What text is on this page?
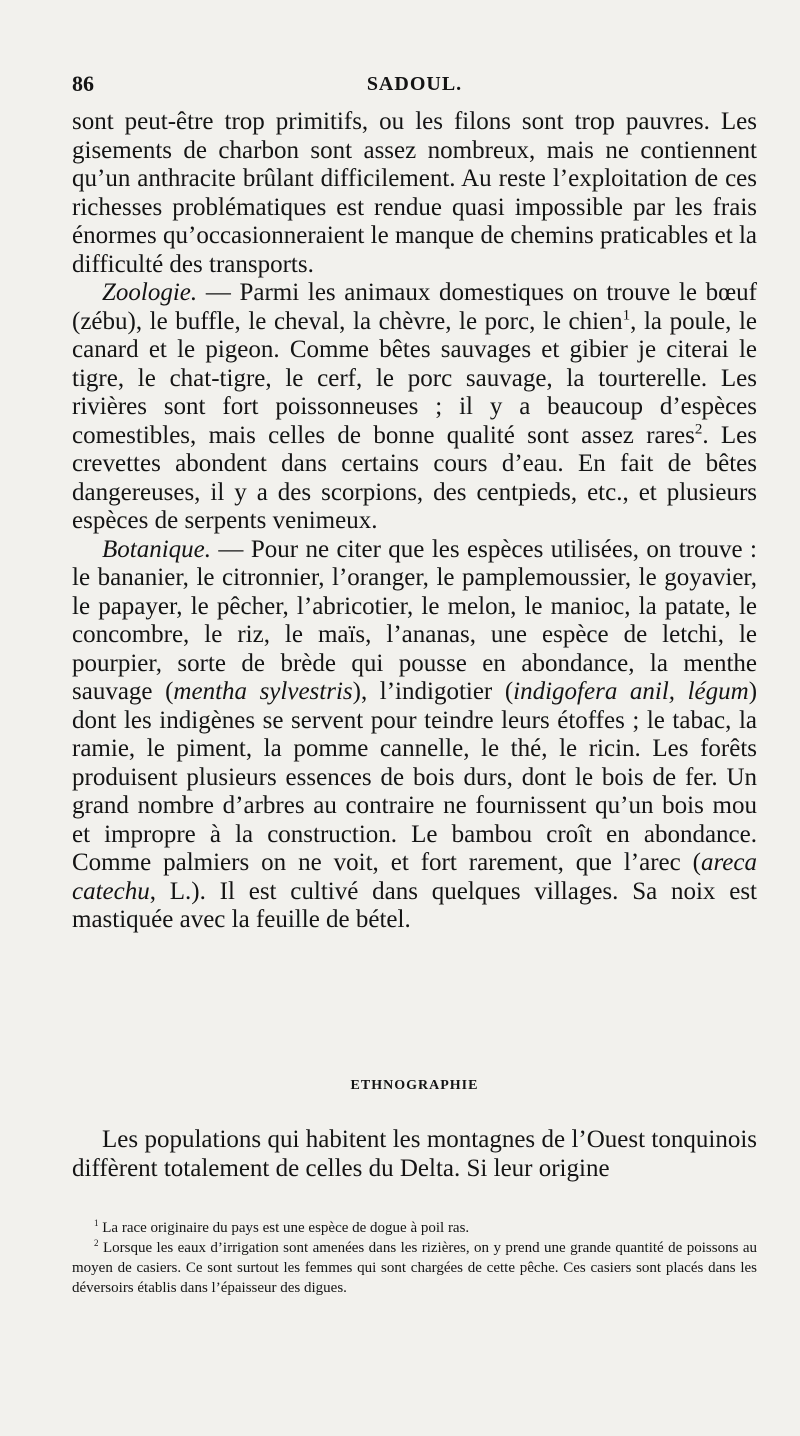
86	SADOUL.

sont peut-être trop primitifs, ou les filons sont trop pauvres. Les gisements de charbon sont assez nombreux, mais ne contiennent qu’un anthracite brûlant difficilement. Au reste l’exploitation de ces richesses problématiques est rendue quasi impossible par les frais énormes qu’occasionneraient le manque de chemins praticables et la difficulté des transports.

Zoologie. — Parmi les animaux domestiques on trouve le bœuf (zébu), le buffle, le cheval, la chèvre, le porc, le chien$^1$, la poule, le canard et le pigeon. Comme bêtes sauvages et gibier je citerai le tigre, le chat-tigre, le cerf, le porc sauvage, la tourterelle. Les rivières sont fort poissonneuses ; il y a beaucoup d’espèces comestibles, mais celles de bonne qualité sont assez rares$^2$. Les crevettes abondent dans certains cours d’eau. En fait de bêtes dangereuses, il y a des scorpions, des centpieds, etc., et plusieurs espèces de serpents venimeux.

Botanique. — Pour ne citer que les espèces utilisées, on trouve : le bananier, le citronnier, l’oranger, le pamplemoussier, le goyavier, le papayer, le pêcher, l’abricotier, le melon, le manioc, la patate, le concombre, le riz, le maïs, l’ananas, une espèce de letchi, le pourpier, sorte de brède qui pousse en abondance, la menthe sauvage (mentha sylvestris), l’indigotier (indigofera anil, légum) dont les indigènes se servent pour teindre leurs étoffes ; le tabac, la ramie, le piment, la pomme cannelle, le thé, le ricin. Les forêts produisent plusieurs essences de bois durs, dont le bois de fer. Un grand nombre d’arbres au contraire ne fournissent qu’un bois mou et impropre à la construction. Le bambou croît en abondance. Comme palmiers on ne voit, et fort rarement, que l’arec (areca catechu, L.). Il est cultivé dans quelques villages. Sa noix est mastiquée avec la feuille de bétel.

ETHNOGRAPHIE

Les populations qui habitent les montagnes de l’Ouest tonquinois diffèrent totalement de celles du Delta. Si leur origine

$^1$ La race originaire du pays est une espèce de dogue à poil ras.

$^2$ Lorsque les eaux d’irrigation sont amenées dans les rizières, on y prend une grande quantité de poissons au moyen de casiers. Ce sont surtout les femmes qui sont chargées de cette pêche. Ces casiers sont placés dans les déversoirs établis dans l’épaisseur des digues.
